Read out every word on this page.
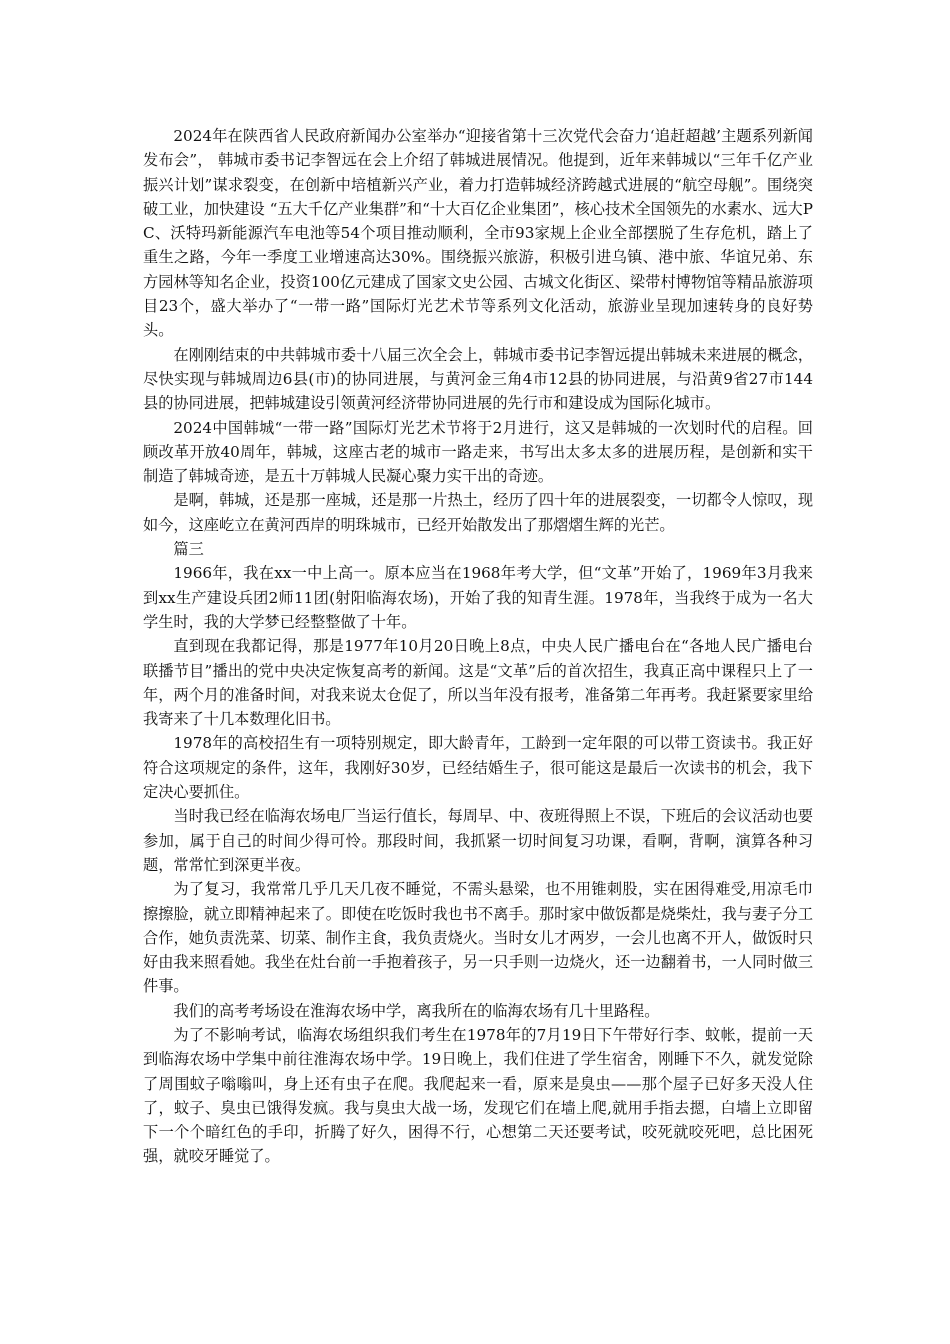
2024年在陕西省人民政府新闻办公室举办“迎接省第十三次党代会奋力‘追赶超越’主题系列新闻发布会”， 韩城市委书记李智远在会上介绍了韩城进展情况。他提到，近年来韩城以“三年千亿产业振兴计划”谋求裂变，在创新中培植新兴产业，着力打造韩城经济跨越式进展的“航空母舰”。围绕突破工业，加快建设 “五大千亿产业集群”和“十大百亿企业集团”，核心技术全国领先的水素水、远大PC、沃特玛新能源汽车电池等54个项目推动顺利，全市93家规上企业全部摆脱了生存危机，踏上了重生之路，今年一季度工业增速高达30%。围绕振兴旅游，积极引进乌镇、港中旅、华谊兄弟、东方园林等知名企业，投资100亿元建成了国家文史公园、古城文化街区、梁带村博物馆等精品旅游项目23个，盛大举办了“一带一路”国际灯光艺术节等系列文化活动，旅游业呈现加速转身的良好势头。

在刚刚结束的中共韩城市委十八届三次全会上，韩城市委书记李智远提出韩城未来进展的概念，尽快实现与韩城周边6县(市)的协同进展，与黄河金三角4市12县的协同进展，与沿黄9省27市144县的协同进展，把韩城建设引领黄河经济带协同进展的先行市和建设成为国际化城市。

2024中国韩城“一带一路”国际灯光艺术节将于2月进行，这又是韩城的一次划时代的启程。回顾改革开放40周年，韩城，这座古老的城市一路走来，书写出太多太多的进展历程，是创新和实干制造了韩城奇迹，是五十万韩城人民凝心聚力实干出的奇迹。

是啊，韩城，还是那一座城，还是那一片热土，经历了四十年的进展裂变，一切都令人惊叹，现如今，这座屹立在黄河西岸的明珠城市，已经开始散发出了那熠熠生辉的光芒。

篇三

1966年，我在xx一中上高一。原本应当在1968年考大学，但“文革”开始了，1969年3月我来到xx生产建设兵团2师11团(射阳临海农场)，开始了我的知青生涯。1978年，当我终于成为一名大学生时，我的大学梦已经整整做了十年。

直到现在我都记得，那是1977年10月20日晚上8点，中央人民广播电台在“各地人民广播电台联播节目”播出的党中央决定恢复高考的新闻。这是“文革”后的首次招生，我真正高中课程只上了一年，两个月的准备时间，对我来说太仓促了，所以当年没有报考，准备第二年再考。我赶紧要家里给我寄来了十几本数理化旧书。

1978年的高校招生有一项特别规定，即大龄青年，工龄到一定年限的可以带工资读书。我正好符合这项规定的条件，这年，我刚好30岁，已经结婚生子，很可能这是最后一次读书的机会，我下定决心要抓住。

当时我已经在临海农场电厂当运行值长，每周早、中、夜班得照上不误，下班后的会议活动也要参加，属于自己的时间少得可怜。那段时间，我抓紧一切时间复习功课，看啊，背啊，演算各种习题，常常忙到深更半夜。

为了复习，我常常几乎几天几夜不睡觉，不需头悬梁，也不用锥刺股，实在困得难受,用凉毛巾擦擦脸，就立即精神起来了。即使在吃饭时我也书不离手。那时家中做饭都是烧柴灶，我与妻子分工合作，她负责洗菜、切菜、制作主食，我负责烧火。当时女儿才两岁，一会儿也离不开人，做饭时只好由我来照看她。我坐在灶台前一手抱着孩子，另一只手则一边烧火，还一边翻着书，一人同时做三件事。

我们的高考考场设在淮海农场中学，离我所在的临海农场有几十里路程。

为了不影响考试，临海农场组织我们考生在1978年的7月19日下午带好行李、蚊帐，提前一天到临海农场中学集中前往淮海农场中学。19日晚上，我们住进了学生宿舍，刚睡下不久，就发觉除了周围蚊子嗡嗡叫，身上还有虫子在爬。我爬起来一看，原来是臭虫——那个屋子已好多天没人住了，蚊子、臭虫已饿得发疯。我与臭虫大战一场，发现它们在墙上爬,就用手指去摁，白墙上立即留下一个个暗红色的手印，折腾了好久，困得不行，心想第二天还要考试，咬死就咬死吧，总比困死强，就咬牙睡觉了。
